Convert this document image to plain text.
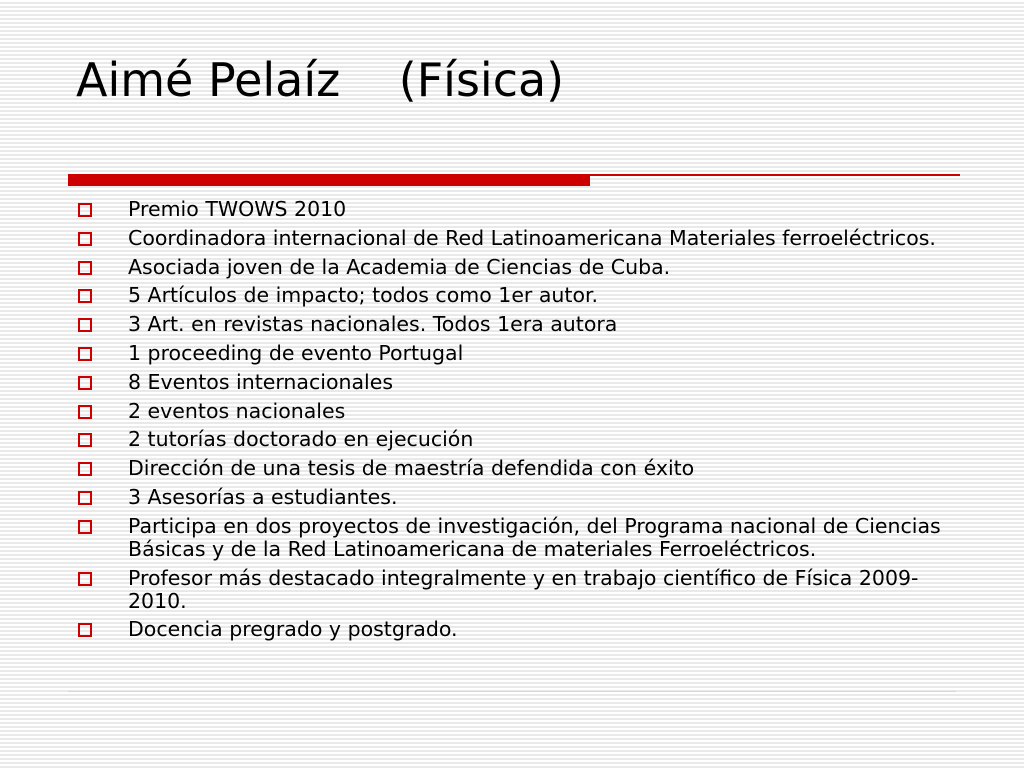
Aimé Pelaíz    (Física)
Premio TWOWS 2010
Coordinadora internacional de Red Latinoamericana Materiales ferroeléctricos.
Asociada joven de la Academia de Ciencias de Cuba.
5 Artículos de impacto; todos como 1er autor.
3 Art. en revistas nacionales. Todos 1era autora
1 proceeding de evento Portugal
8 Eventos internacionales
2 eventos nacionales
2 tutorías doctorado en ejecución
Dirección de una tesis de maestría defendida con éxito
3 Asesorías a estudiantes.
Participa en dos proyectos de investigación, del Programa nacional de Ciencias Básicas y de la Red Latinoamericana de materiales Ferroeléctricos.
Profesor más destacado integralmente y en trabajo científico de Física 2009-2010.
Docencia pregrado y postgrado.
